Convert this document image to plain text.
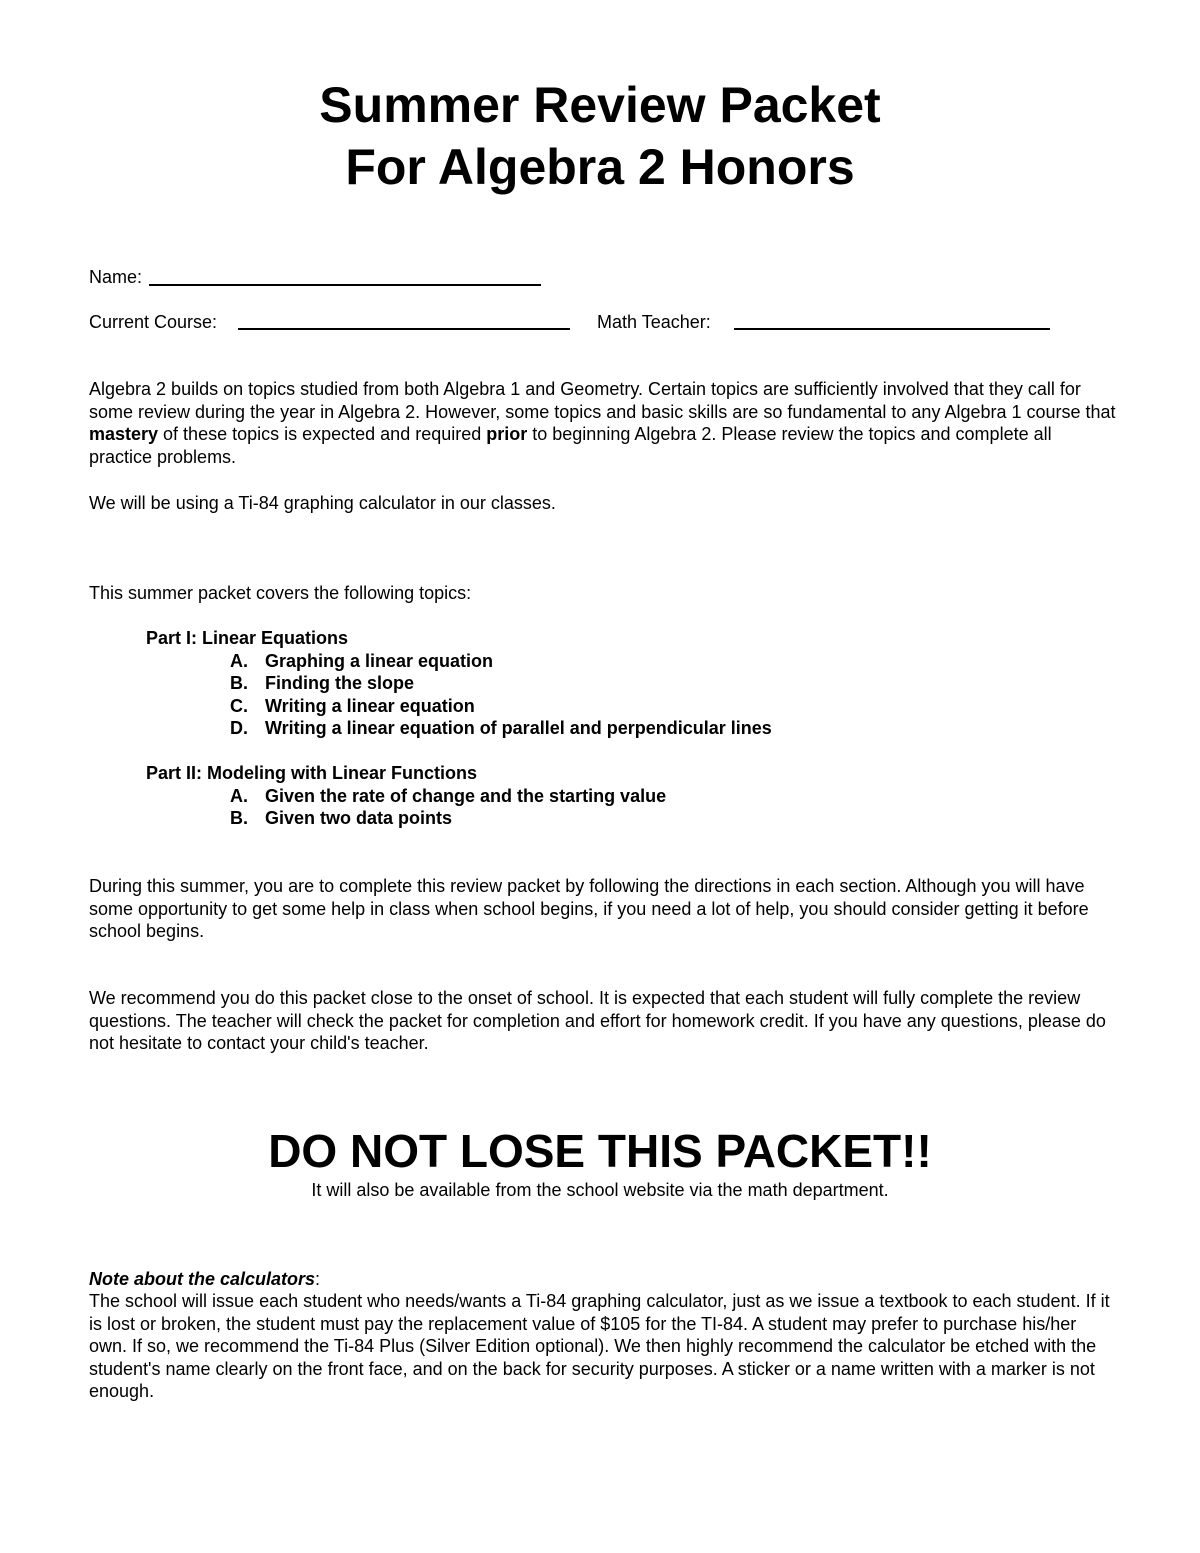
Summer Review Packet
For Algebra 2 Honors
Name:
Current Course:	Math Teacher:
Algebra 2 builds on topics studied from both Algebra 1 and Geometry. Certain topics are sufficiently involved that they call for some review during the year in Algebra 2. However, some topics and basic skills are so fundamental to any Algebra 1 course that mastery of these topics is expected and required prior to beginning Algebra 2. Please review the topics and complete all practice problems.
We will be using a Ti-84 graphing calculator in our classes.
This summer packet covers the following topics:
Part I: Linear Equations
A. Graphing a linear equation
B. Finding the slope
C. Writing a linear equation
D. Writing a linear equation of parallel and perpendicular lines
Part II: Modeling with Linear Functions
A. Given the rate of change and the starting value
B. Given two data points
During this summer, you are to complete this review packet by following the directions in each section. Although you will have some opportunity to get some help in class when school begins, if you need a lot of help, you should consider getting it before school begins.
We recommend you do this packet close to the onset of school. It is expected that each student will fully complete the review questions. The teacher will check the packet for completion and effort for homework credit. If you have any questions, please do not hesitate to contact your child's teacher.
DO NOT LOSE THIS PACKET!!
It will also be available from the school website via the math department.
Note about the calculators:
The school will issue each student who needs/wants a Ti-84 graphing calculator, just as we issue a textbook to each student. If it is lost or broken, the student must pay the replacement value of $105 for the TI-84. A student may prefer to purchase his/her own. If so, we recommend the Ti-84 Plus (Silver Edition optional). We then highly recommend the calculator be etched with the student's name clearly on the front face, and on the back for security purposes. A sticker or a name written with a marker is not enough.
